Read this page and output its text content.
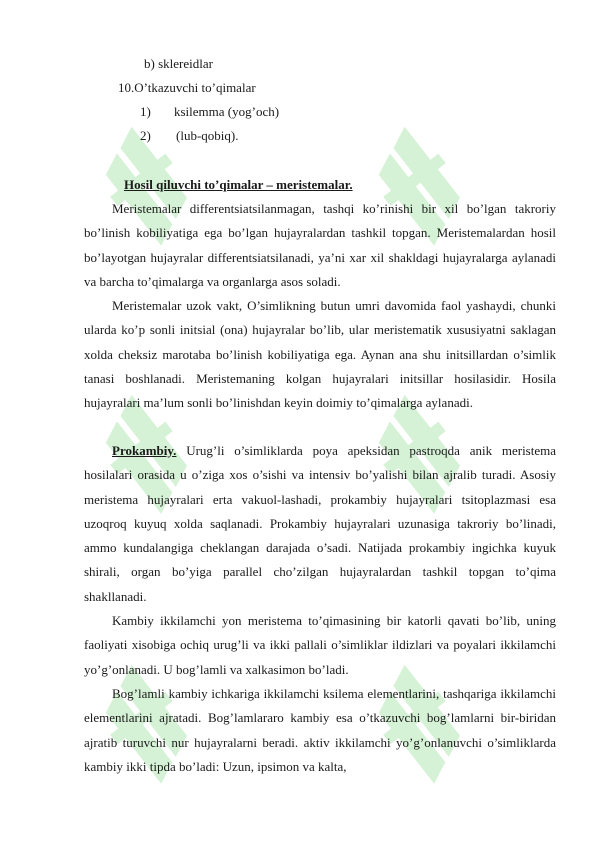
b) sklereidlar
10.O’tkazuvchi to’qimalar
1) ksilemma (yog’och)
2) (lub-qobiq).
Hosil qiluvchi to’qimalar – meristemalar.

Meristemalar differentsiatsilanmagan, tashqi ko’rinishi bir xil bo’lgan takroriy bo’linish kobiliyatiga ega bo’lgan hujayralardan tashkil topgan. Meristemalardan hosil bo’layotgan hujayralar differentsiatsilanadi, ya’ni xar xil shakldagi hujayralarga aylanadi va barcha to’qimalarga va organlarga asos soladi.

Meristemalar uzok vakt, O’simlikning butun umri davomida faol yashaydi, chunki ularda ko’p sonli initsial (ona) hujayralar bo’lib, ular meristematik xususiyatni saklagan xolda cheksiz marotaba bo’linish kobiliyatiga ega. Aynan ana shu initsillardan o’simlik tanasi boshlanadi. Meristemaning kolgan hujayralari initsillar hosilasidir. Hosila hujayralari ma’lum sonli bo’linishdan keyin doimiy to’qimalarga aylanadi.

Prokambiy. Urug’li o’simliklarda poya apeksidan pastroqda anik meristema hosilalari orasida u o’ziga xos o’sishi va intensiv bo’yalishi bilan ajralib turadi. Asosiy meristema hujayralari erta vakuol-lashadi, prokambiy hujayralari tsitoplazmasi esa uzoqroq kuyuq xolda saqlanadi. Prokambiy hujayralari uzunasiga takroriy bo’linadi, ammo kundalangiga cheklangan darajada o’sadi. Natijada prokambiy ingichka kuyuk shirali, organ bo’yiga parallel cho’zilgan hujayralardan tashkil topgan to’qima shakllanadi.

Kambiy ikkilamchi yon meristema to’qimasining bir katorli qavati bo’lib, uning faoliyati xisobiga ochiq urug’li va ikki pallali o’simliklar ildizlari va poyalari ikkilamchi yo’g’onlanadi. U bog’lamli va xalkasimon bo’ladi.

Bog’lamli kambiy ichkariga ikkilamchi ksilema elementlarini, tashqariga ikkilamchi elementlarini ajratadi. Bog’lamlararo kambiy esa o’tkazuvchi bog’lamlarni bir-biridan ajratib turuvchi nur hujayralarni beradi. aktiv ikkilamchi yo’g’onlanuvchi o’simliklarda kambiy ikki tipda bo’ladi: Uzun, ipsimon va kalta,
